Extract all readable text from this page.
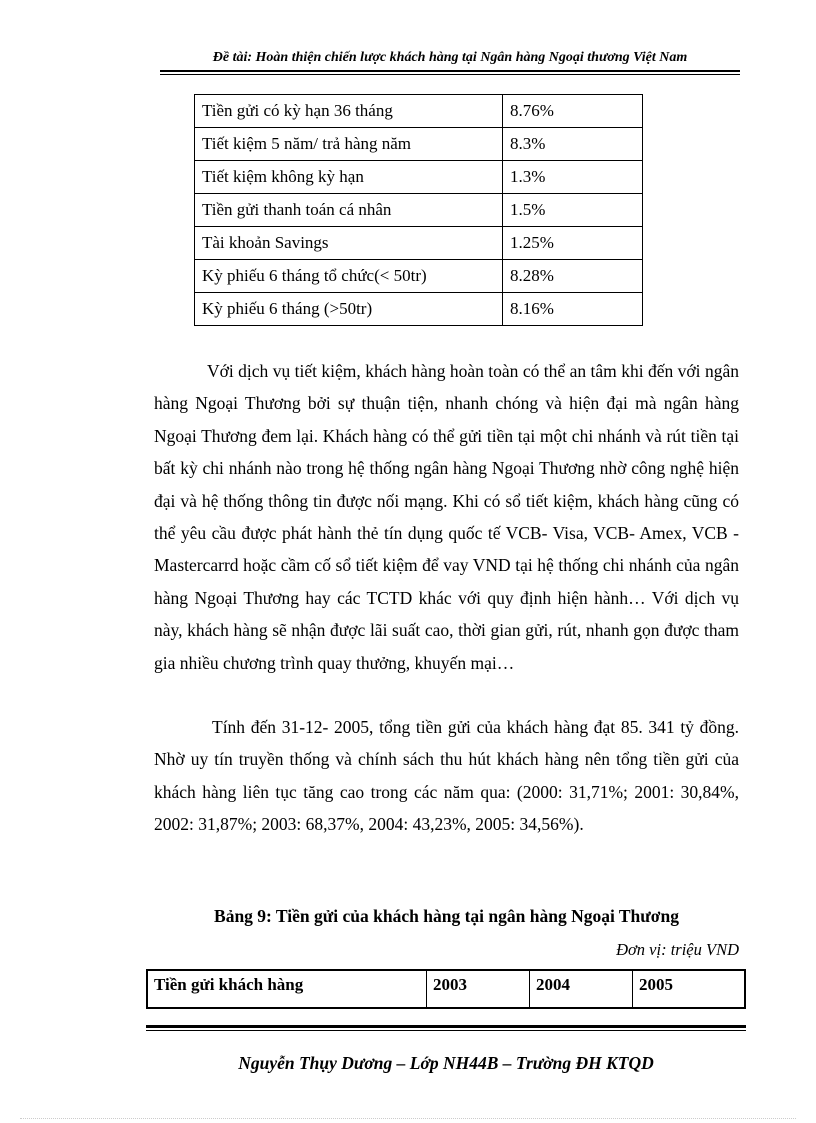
Đề tài: Hoàn thiện chiến lược khách hàng tại Ngân hàng Ngoại thương Việt Nam
Tiền gửi có kỳ hạn 36 tháng	8.76%
Tiết kiệm 5 năm/ trả hàng năm	8.3%
Tiết kiệm không kỳ hạn	1.3%
Tiền gửi thanh toán cá nhân	1.5%
Tài khoản Savings	1.25%
Kỳ phiếu 6 tháng tổ chức(< 50tr)	8.28%
Kỳ phiếu 6 tháng (>50tr)	8.16%

Với dịch vụ tiết kiệm, khách hàng hoàn toàn có thể an tâm khi đến với ngân hàng Ngoại Thương bởi sự thuận tiện, nhanh chóng và hiện đại mà ngân hàng Ngoại Thương đem lại. Khách hàng có thể gửi tiền tại một chi nhánh và rút tiền tại bất kỳ chi nhánh nào trong hệ thống ngân hàng Ngoại Thương nhờ công nghệ hiện đại và hệ thống thông tin được nối mạng. Khi có sổ tiết kiệm, khách hàng cũng có thể yêu cầu được phát hành thẻ tín dụng quốc tế VCB- Visa, VCB- Amex, VCB - Mastercarrd hoặc cầm cố sổ tiết kiệm để vay VND tại hệ thống chi nhánh của ngân hàng Ngoại Thương hay các TCTD khác với quy định hiện hành… Với dịch vụ này, khách hàng sẽ nhận được lãi suất cao, thời gian gửi, rút, nhanh gọn được tham gia nhiều chương trình quay thưởng, khuyến mại…

Tính đến 31-12- 2005, tổng tiền gửi của khách hàng đạt 85. 341 tỷ đồng. Nhờ uy tín truyền thống và chính sách thu hút khách hàng nên tổng tiền gửi của khách hàng liên tục tăng cao trong các năm qua: (2000: 31,71%; 2001: 30,84%, 2002: 31,87%; 2003: 68,37%, 2004: 43,23%, 2005: 34,56%).

Bảng 9: Tiền gửi của khách hàng tại ngân hàng Ngoại Thương
Đơn vị: triệu VND
Tiền gửi khách hàng	2003	2004	2005
Nguyễn Thụy Dương – Lớp NH44B – Trường ĐH KTQD
